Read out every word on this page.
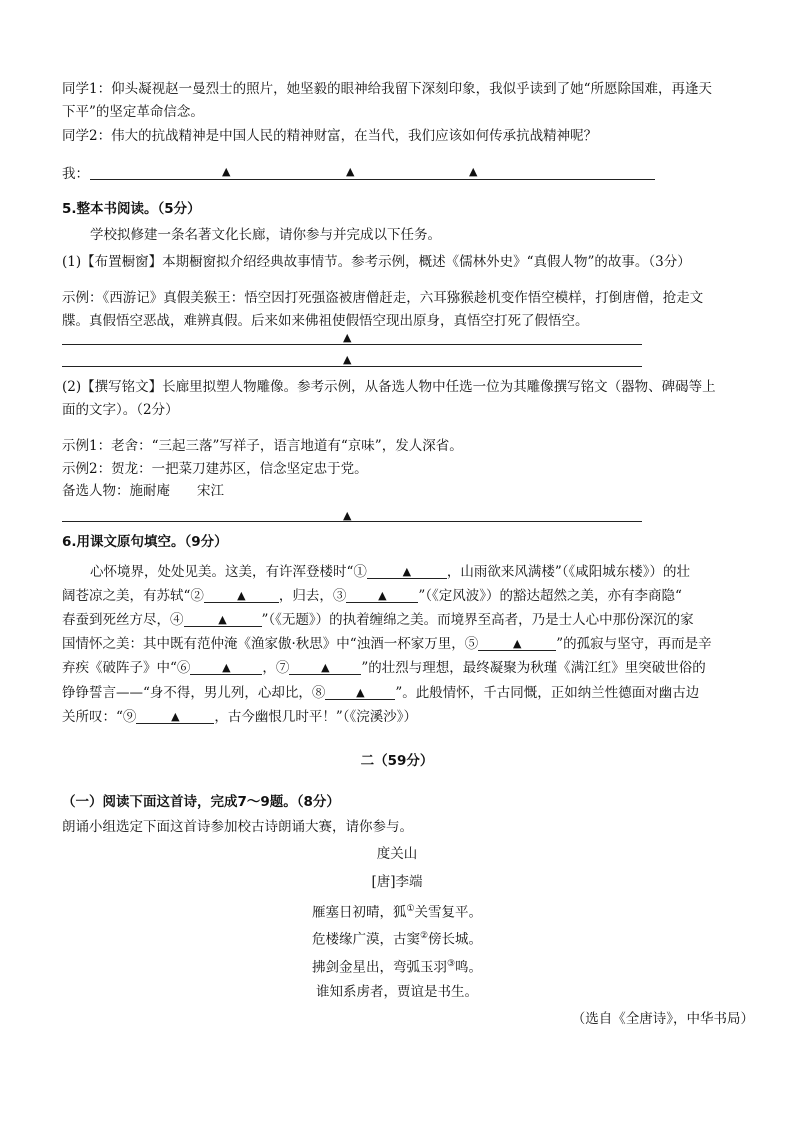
同学1：仰头凝视赵一曼烈士的照片，她坚毅的眼神给我留下深刻印象，我似乎读到了她“所愿除国难，再逢天
下平”的坚定革命信念。
同学2：伟大的抗战精神是中国人民的精神财富，在当代，我们应该如何传承抗战精神呢？
我：	▲	▲	▲
5.整本书阅读。（5分）
学校拟修建一条名著文化长廊，请你参与并完成以下任务。
(1)【布置橱窗】本期橱窗拟介绍经典故事情节。参考示例，概述《儒林外史》“真假人物”的故事。（3分）
示例：《西游记》真假美猴王：悟空因打死强盗被唐僧赶走，六耳猕猴趁机变作悟空模样，打倒唐僧，抢走文
牒。真假悟空恶战，难辨真假。后来如来佛祖使假悟空现出原身，真悟空打死了假悟空。
▲
▲
(2)【撰写铭文】长廊里拟塑人物雕像。参考示例，从备选人物中任选一位为其雕像撰写铭文（器物、碑碣等上
面的文字）。（2分）
示例1：老舍：“三起三落”写祥子，语言地道有“京味”，发人深省。
示例2：贺龙：一把菜刀建苏区，信念坚定忠于党。
备选人物：施耐庵　　宋江
▲
6.用课文原句填空。（9分）
心怀境界，处处见美。这美，有许浑登楼时“①	▲	，山雨欲来风满楼”（《咸阳城东楼》）的壮
阔苍凉之美，有苏轼“②	▲ ，归去，③	▲ ”（《定风波》）的豁达超然之美，亦有李商隐“
春蚕到死丝方尽，④	▲	”（《无题》）的执着缠绵之美。而境界至高者，乃是士人心中那份深沉的家
国情怀之美：其中既有范仲淹《渔家傲·秋思》中“浊酒一杯家万里，⑤	▲	”的孤寂与坚守，再而是辛
弃疾《破阵子》中“⑥	▲ ，⑦	▲ ”的壮烈与理想，最终凝聚为秋瑾《满江红》里突破世俗的
铮铮誓言——“身不得，男儿列，心却比，⑧	▲ ”。此般情怀，千古同慨，正如纳兰性德面对幽古边
关所叹：“⑨	▲	，古今幽恨几时平！”（《浣溪沙》）
二（59分）
（一）阅读下面这首诗，完成7～9题。（8分）
朗诵小组选定下面这首诗参加校古诗朗诵大赛，请你参与。
度关山
[唐]李端
雁塞日初晴，狐①关雪复平。
危楼缘广漠，古窦②傍长城。
拂剑金星出，弯弧玉羽③鸣。
谁知系虏者，贾谊是书生。
（选自《全唐诗》，中华书局）
